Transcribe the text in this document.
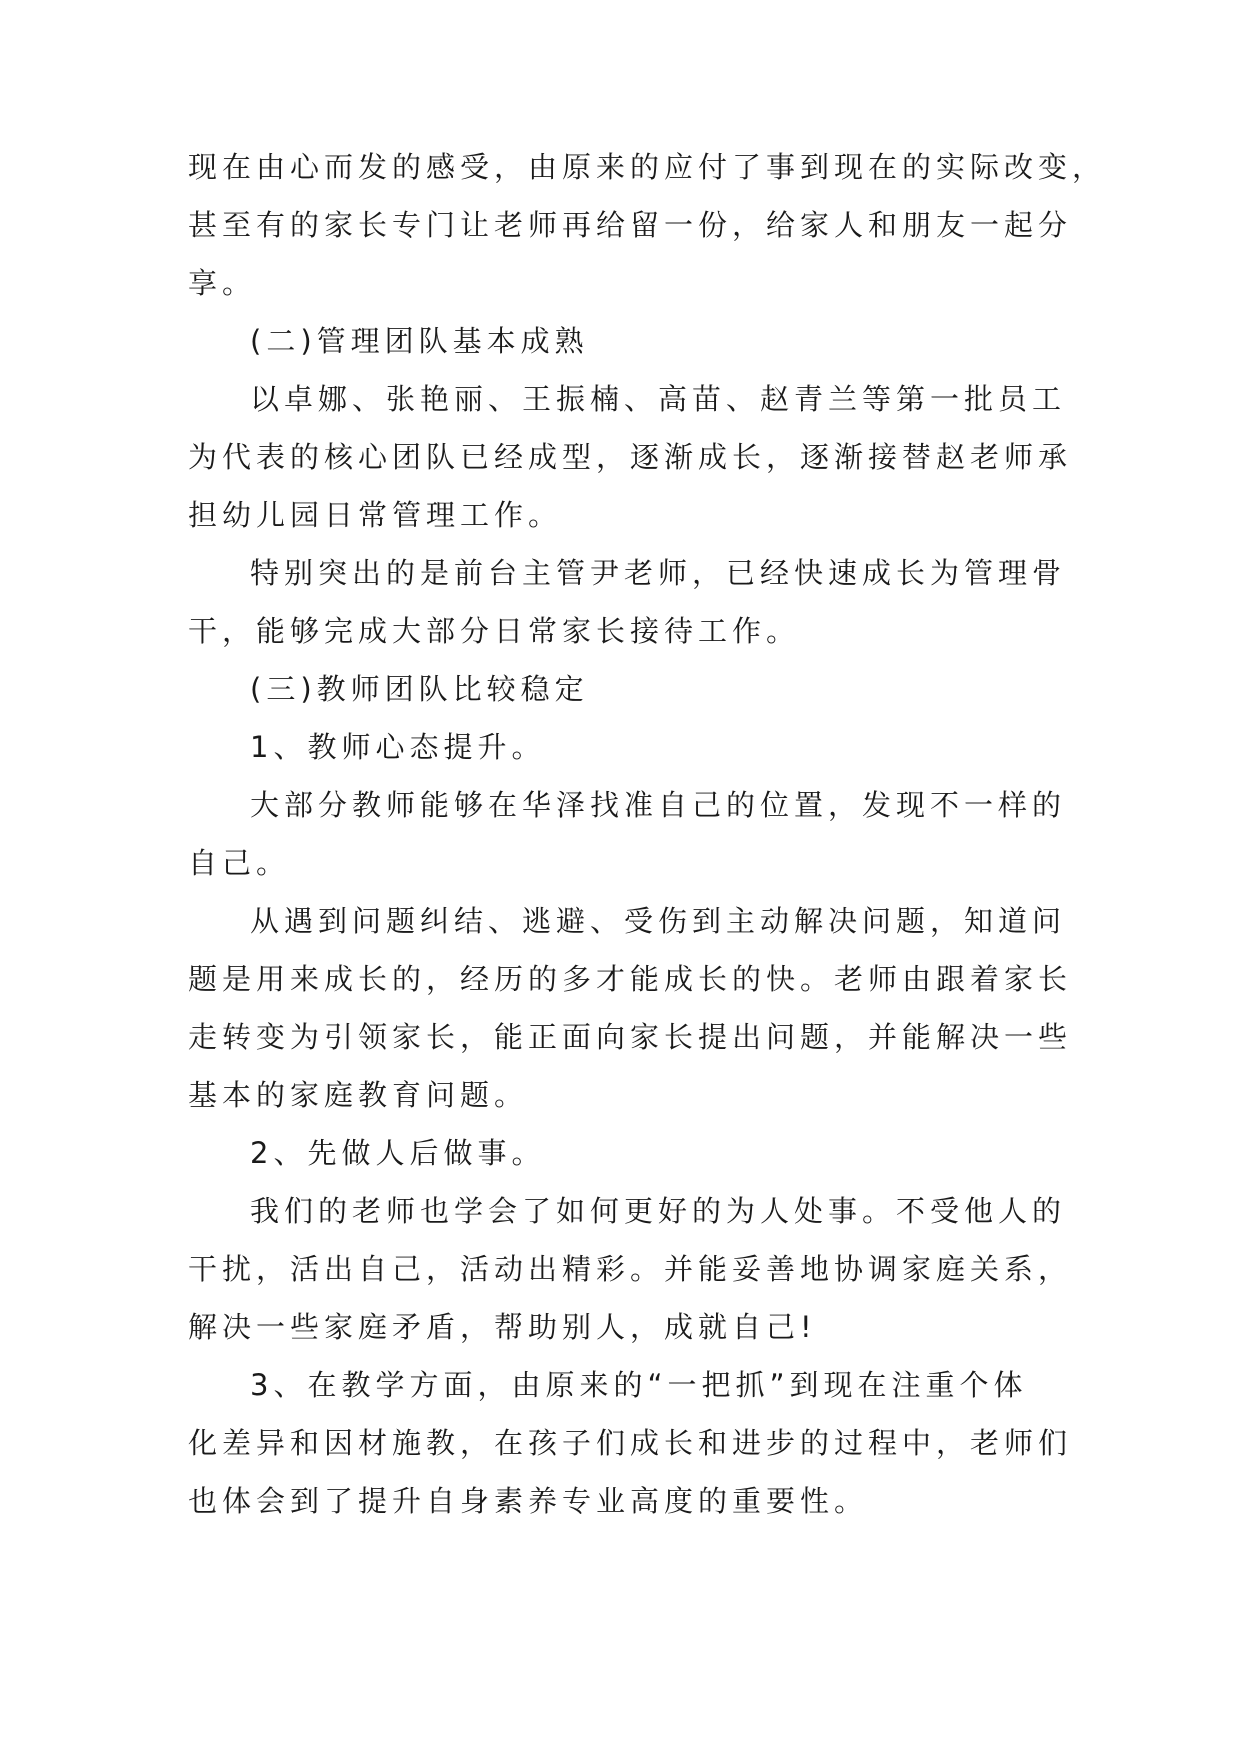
现在由心而发的感受，由原来的应付了事到现在的实际改变，

甚至有的家长专门让老师再给留一份，给家人和朋友一起分

享。

(二)管理团队基本成熟

以卓娜、张艳丽、王振楠、高苗、赵青兰等第一批员工

为代表的核心团队已经成型，逐渐成长，逐渐接替赵老师承

担幼儿园日常管理工作。

特别突出的是前台主管尹老师，已经快速成长为管理骨

干，能够完成大部分日常家长接待工作。

(三)教师团队比较稳定

1、教师心态提升。

大部分教师能够在华泽找准自己的位置，发现不一样的

自己。

从遇到问题纠结、逃避、受伤到主动解决问题，知道问

题是用来成长的，经历的多才能成长的快。老师由跟着家长

走转变为引领家长，能正面向家长提出问题，并能解决一些

基本的家庭教育问题。

2、先做人后做事。

我们的老师也学会了如何更好的为人处事。不受他人的

干扰，活出自己，活动出精彩。并能妥善地协调家庭关系，

解决一些家庭矛盾，帮助别人，成就自己!

3、在教学方面，由原来的“一把抓”到现在注重个体

化差异和因材施教，在孩子们成长和进步的过程中，老师们

也体会到了提升自身素养专业高度的重要性。
